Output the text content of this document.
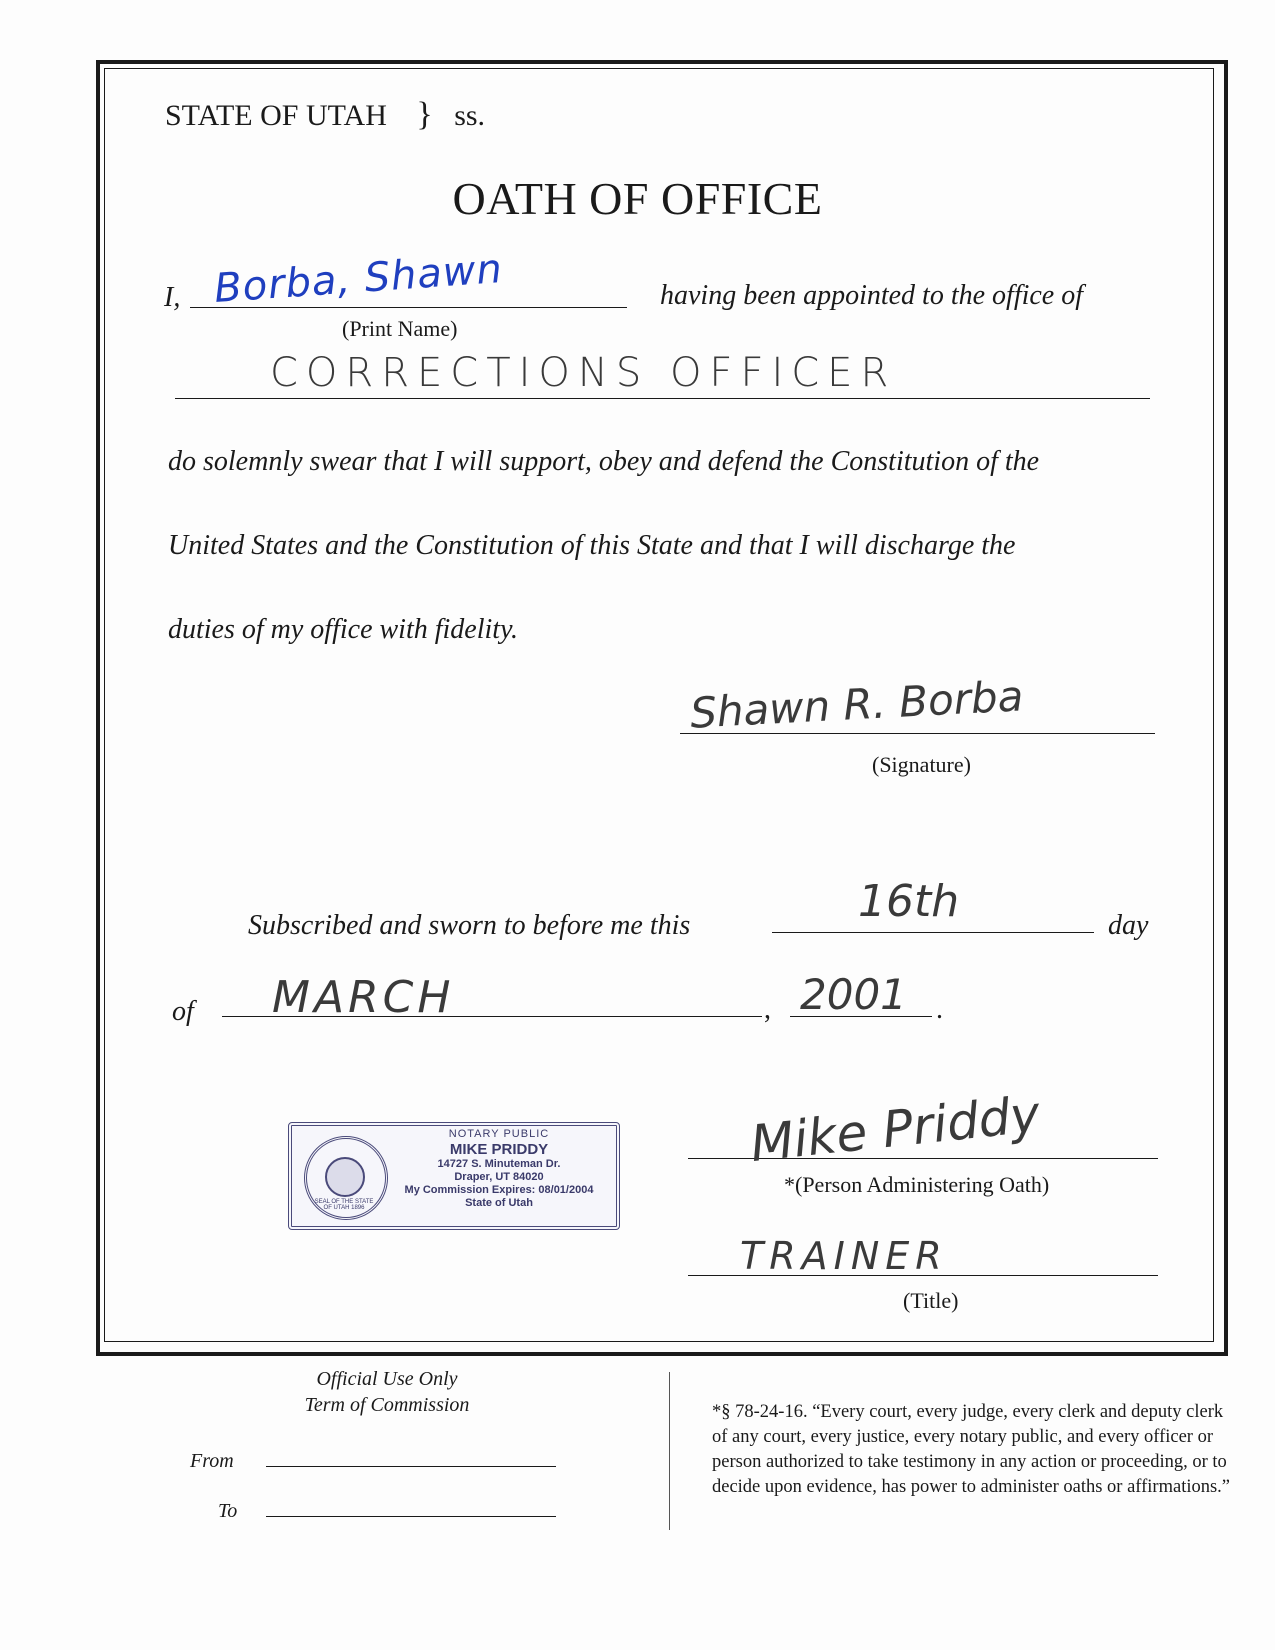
STATE OF UTAH } ss.
OATH OF OFFICE
I, Borba, Shawn
(Print Name)
having been appointed to the office of
CORRECTIONS OFFICER
do solemnly swear that I will support, obey and defend the Constitution of the
United States and the Constitution of this State and that I will discharge the
duties of my office with fidelity.
Shawn R. Borba
(Signature)
Subscribed and sworn to before me this	16th	day
of MARCH	, 2001 .
SEAL OF THE STATE OF UTAH 1896
NOTARY PUBLIC
MIKE PRIDDY
14727 S. Minuteman Dr.
Draper, UT 84020
My Commission Expires: 08/01/2004
State of Utah
Mike Priddy
*(Person Administering Oath)
TRAINER
(Title)
Official Use Only
Term of Commission
From
To
*§ 78-24-16. “Every court, every judge, every clerk and deputy clerk of any court, every justice, every notary public, and every officer or person authorized to take testimony in any action or proceeding, or to decide upon evidence, has power to administer oaths or affirmations.”
